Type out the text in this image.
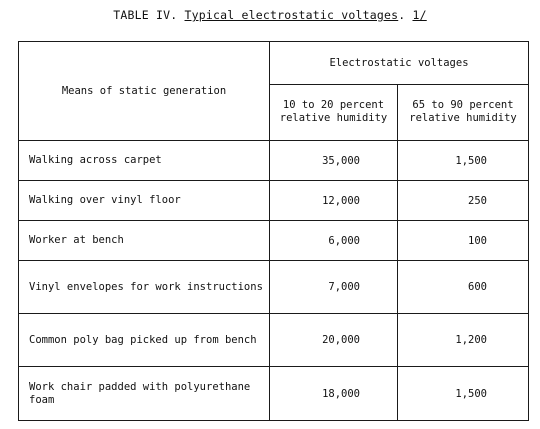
TABLE IV. Typical electrostatic voltages. 1/
Means of static generation	Electrostatic voltages	
	10 to 20 percent relative humidity	65 to 90 percent relative humidity
Walking across carpet	35,000	1,500
Walking over vinyl floor	12,000	250
Worker at bench	6,000	100
Vinyl envelopes for work instructions	7,000	600
Common poly bag picked up from bench	20,000	1,200
Work chair padded with polyurethane foam	18,000	1,500
